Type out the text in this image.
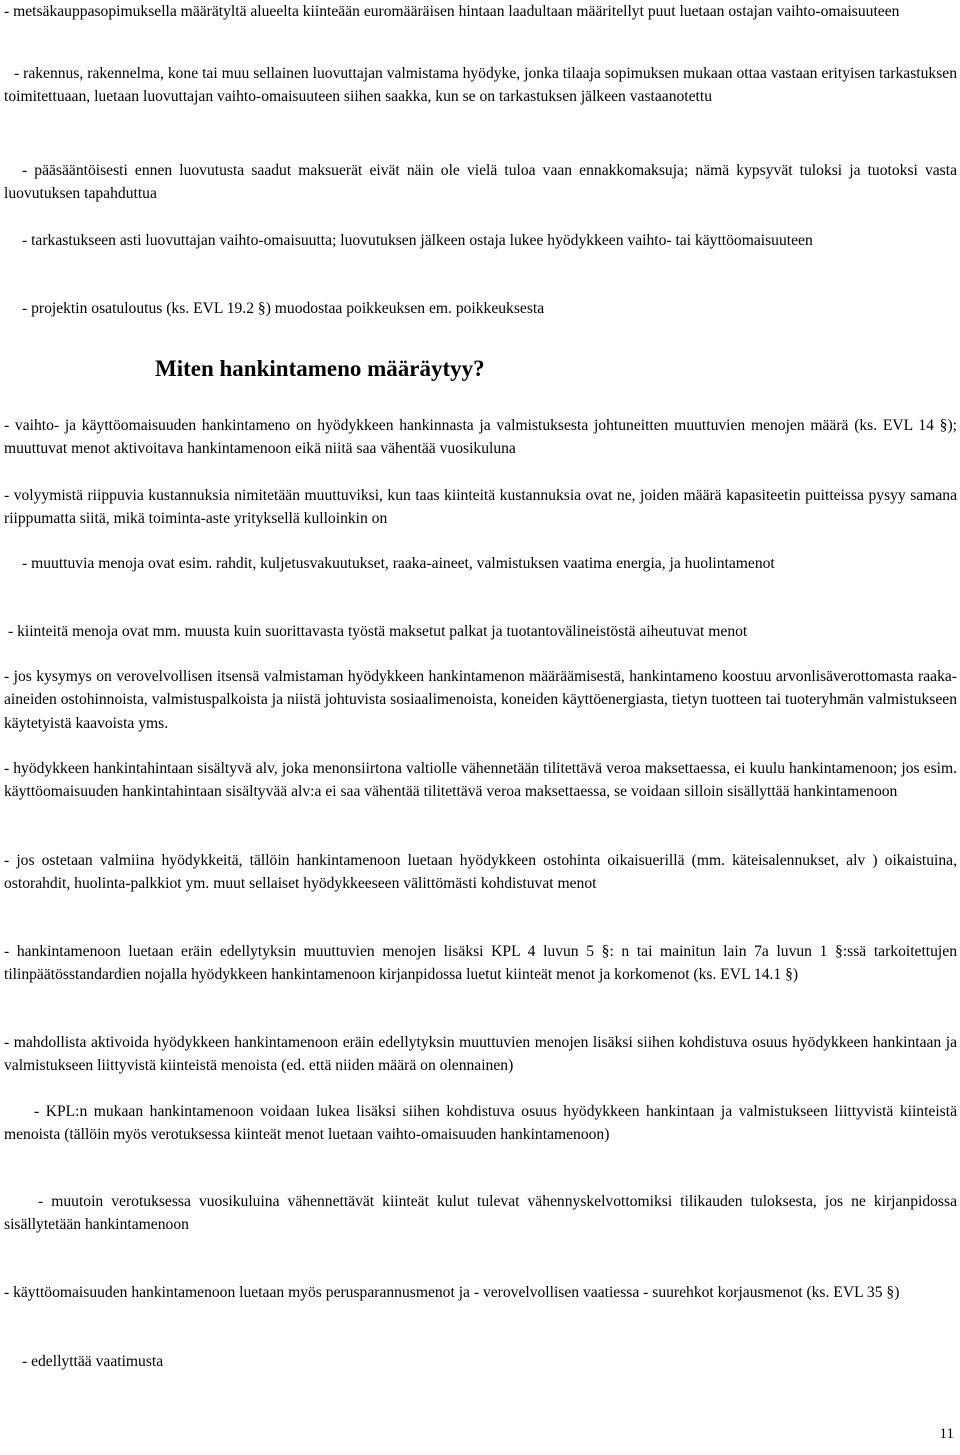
- metsäkauppasopimuksella määrätyltä alueelta kiinteään euromääräisen hintaan laadultaan määritellyt puut luetaan ostajan vaihto-omaisuuteen

- rakennus, rakennelma, kone tai muu sellainen luovuttajan valmistama hyödyke, jonka tilaaja sopimuksen mukaan ottaa vastaan erityisen tarkastuksen toimitettuaan, luetaan luovuttajan vaihto-omaisuuteen siihen saakka, kun se on tarkastuksen jälkeen vastaanotettu

- pääsääntöisesti ennen luovutusta saadut maksuerät eivät näin ole vielä tuloa vaan ennakkomaksuja; nämä kypsyvät tuloksi ja tuotoksi vasta luovutuksen tapahduttua

- tarkastukseen asti luovuttajan vaihto-omaisuutta; luovutuksen jälkeen ostaja lukee hyödykkeen vaihto- tai käyttöomaisuuteen

- projektin osatuloutus (ks. EVL 19.2 §) muodostaa poikkeuksen em. poikkeuksesta

Miten hankintameno määräytyy?

- vaihto- ja käyttöomaisuuden hankintameno on hyödykkeen hankinnasta ja valmistuksesta johtuneitten muuttuvien menojen määrä (ks. EVL 14 §); muuttuvat menot aktivoitava hankintamenoon eikä niitä saa vähentää vuosikuluna

- volyymistä riippuvia kustannuksia nimitetään muuttuviksi, kun taas kiinteitä kustannuksia ovat ne, joiden määrä kapasiteetin puitteissa pysyy samana riippumatta siitä, mikä toiminta-aste yrityksellä kulloinkin on

- muuttuvia menoja ovat esim. rahdit, kuljetusvakuutukset, raaka-aineet, valmistuksen vaatima energia, ja huolintamenot

- kiinteitä menoja ovat mm. muusta kuin suorittavasta työstä maksetut palkat ja tuotantovälineistöstä aiheutuvat menot

- jos kysymys on verovelvollisen itsensä valmistaman hyödykkeen hankintamenon määräämisestä, hankintameno koostuu arvonlisäverottomasta raaka-aineiden ostohinnoista, valmistuspalkoista ja niistä johtuvista sosiaalimenoista, koneiden käyttöenergiasta, tietyn tuotteen tai tuoteryhmän valmistukseen käytetyistä kaavoista yms.

- hyödykkeen hankintahintaan sisältyvä alv, joka menonsiirtona valtiolle vähennetään tilitettävä veroa maksettaessa, ei kuulu hankintamenoon; jos esim. käyttöomaisuuden hankintahintaan sisältyvää alv:a ei saa vähentää tilitettävä veroa maksettaessa, se voidaan silloin sisällyttää hankintamenoon

- jos ostetaan valmiina hyödykkeitä, tällöin hankintamenoon luetaan hyödykkeen ostohinta oikaisuerillä (mm. käteisalennukset, alv ) oikaistuina, ostorahdit, huolinta-palkkiot ym. muut sellaiset hyödykkeeseen välittömästi kohdistuvat menot

- hankintamenoon luetaan eräin edellytyksin muuttuvien menojen lisäksi KPL 4 luvun 5 §: n tai mainitun lain 7a luvun 1 §:ssä tarkoitettujen tilinpäätösstandardien nojalla hyödykkeen hankintamenoon kirjanpidossa luetut kiinteät menot ja korkomenot (ks. EVL 14.1 §)

- mahdollista aktivoida hyödykkeen hankintamenoon eräin edellytyksin muuttuvien menojen lisäksi siihen kohdistuva osuus hyödykkeen hankintaan ja valmistukseen liittyvistä kiinteistä menoista (ed. että niiden määrä on olennainen)

- KPL:n mukaan hankintamenoon voidaan lukea lisäksi siihen kohdistuva osuus hyödykkeen hankintaan ja valmistukseen liittyvistä kiinteistä menoista (tällöin myös verotuksessa kiinteät menot luetaan vaihto-omaisuuden hankintamenoon)

- muutoin verotuksessa vuosikuluina vähennettävät kiinteät kulut tulevat vähennyskelvottomiksi tilikauden tuloksesta, jos ne kirjanpidossa sisällytetään hankintamenoon

- käyttöomaisuuden hankintamenoon luetaan myös perusparannusmenot ja - verovelvollisen vaatiessa - suurehkot korjausmenot (ks. EVL 35 §)

- edellyttää vaatimusta

11
